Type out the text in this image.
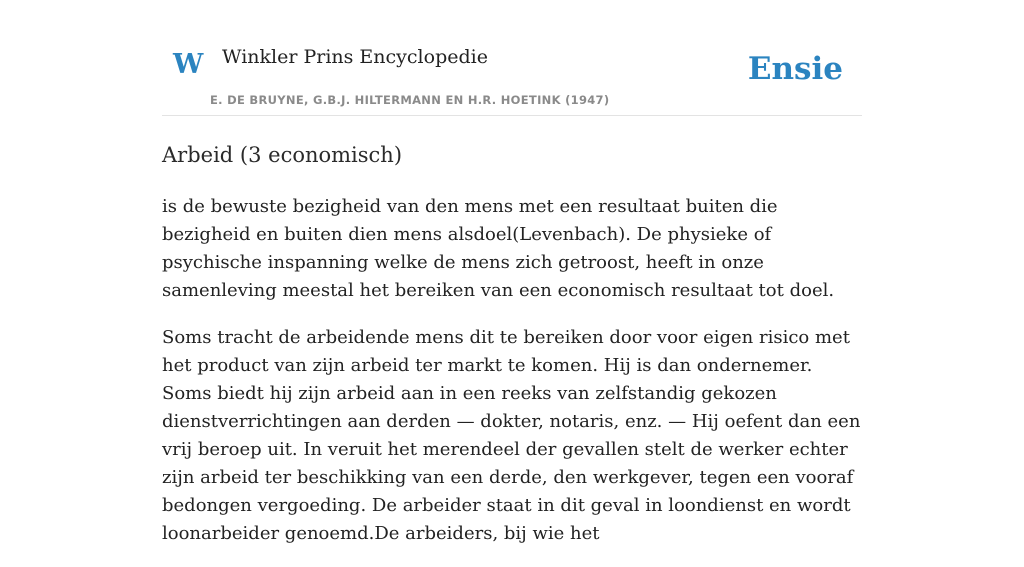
W Winkler Prins Encyclopedie
E. DE BRUYNE, G.B.J. HILTERMANN EN H.R. HOETINK (1947)
Ensie
Arbeid (3 economisch)

is de bewuste bezigheid van den mens met een resultaat buiten die bezigheid en buiten dien mens alsdoel(Levenbach). De physieke of psychische inspanning welke de mens zich getroost, heeft in onze samenleving meestal het bereiken van een economisch resultaat tot doel.

Soms tracht de arbeidende mens dit te bereiken door voor eigen risico met het product van zijn arbeid ter markt te komen. Hij is dan ondernemer. Soms biedt hij zijn arbeid aan in een reeks van zelfstandig gekozen dienstverrichtingen aan derden — dokter, notaris, enz. — Hij oefent dan een vrij beroep uit. In veruit het merendeel der gevallen stelt de werker echter zijn arbeid ter beschikking van een derde, den werkgever, tegen een vooraf bedongen vergoeding. De arbeider staat in dit geval in loondienst en wordt loonarbeider genoemd.De arbeiders, bij wie het
